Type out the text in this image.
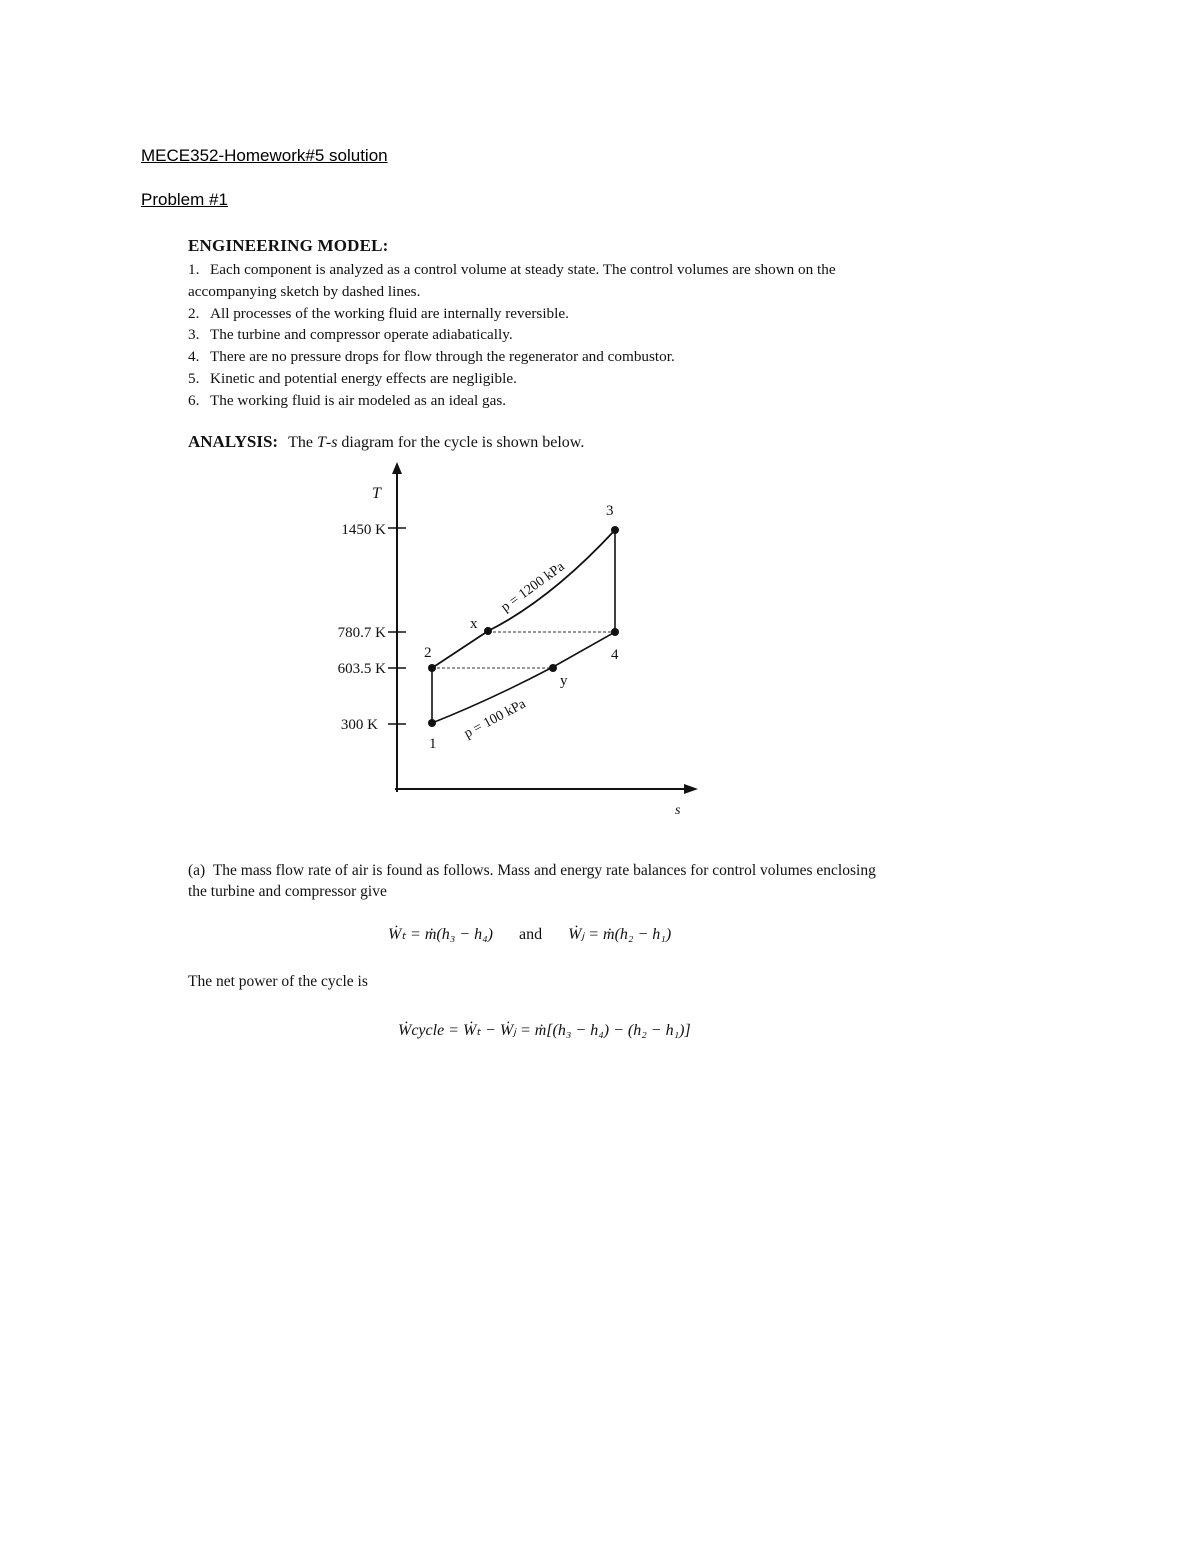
MECE352-Homework#5 solution
Problem #1
ENGINEERING MODEL:
1. Each component is analyzed as a control volume at steady state. The control volumes are shown on the accompanying sketch by dashed lines.
2. All processes of the working fluid are internally reversible.
3. The turbine and compressor operate adiabatically.
4. There are no pressure drops for flow through the regenerator and combustor.
5. Kinetic and potential energy effects are negligible.
6. The working fluid is air modeled as an ideal gas.
ANALYSIS: The T-s diagram for the cycle is shown below.
T
s
1450 K
780.7 K
603.5 K
300 K
1
2
3
4
x
y
p = 1200 kPa
p = 100 kPa
(a) The mass flow rate of air is found as follows. Mass and energy rate balances for control volumes enclosing the turbine and compressor give
Ẇₜ = ṁ(h₃ − h₄) and Ẇⱼ = ṁ(h₂ − h₁)
The net power of the cycle is
Ẇcycle = Ẇₜ − Ẇⱼ = ṁ[(h₃ − h₄) − (h₂ − h₁)]
